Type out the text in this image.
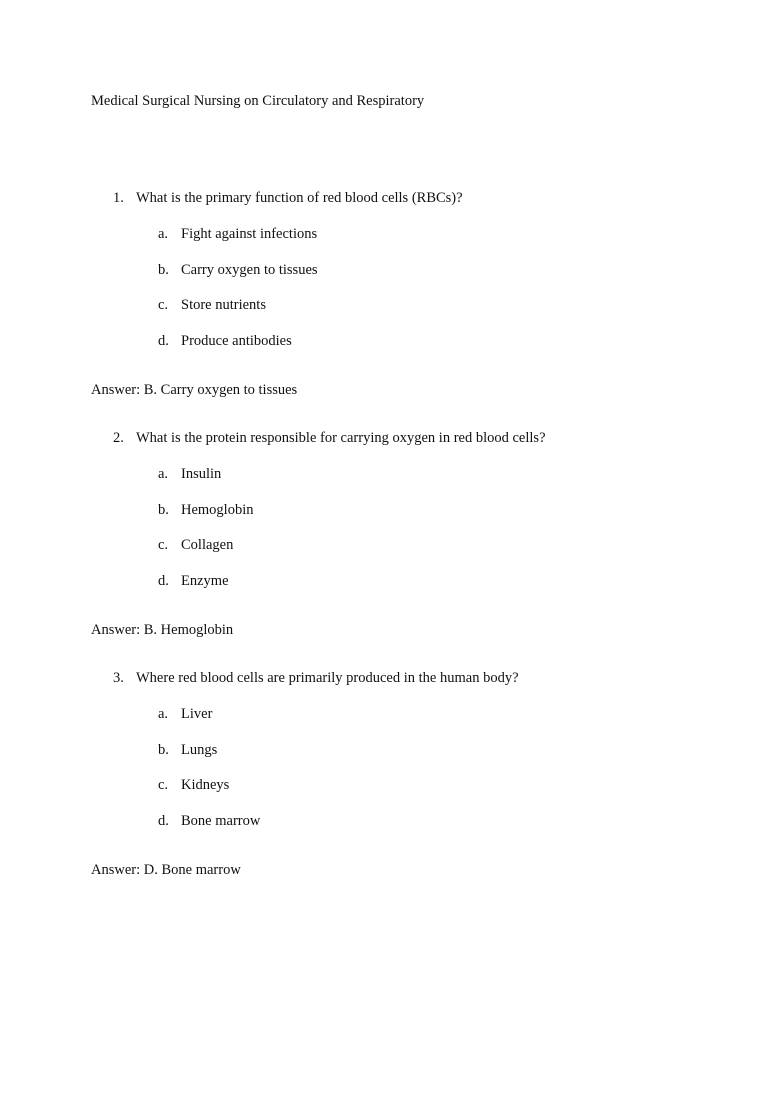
Medical Surgical Nursing on Circulatory and Respiratory
1. What is the primary function of red blood cells (RBCs)?
a. Fight against infections
b. Carry oxygen to tissues
c. Store nutrients
d. Produce antibodies
Answer: B. Carry oxygen to tissues
2. What is the protein responsible for carrying oxygen in red blood cells?
a. Insulin
b. Hemoglobin
c. Collagen
d. Enzyme
Answer: B. Hemoglobin
3. Where red blood cells are primarily produced in the human body?
a. Liver
b. Lungs
c. Kidneys
d. Bone marrow
Answer: D. Bone marrow
